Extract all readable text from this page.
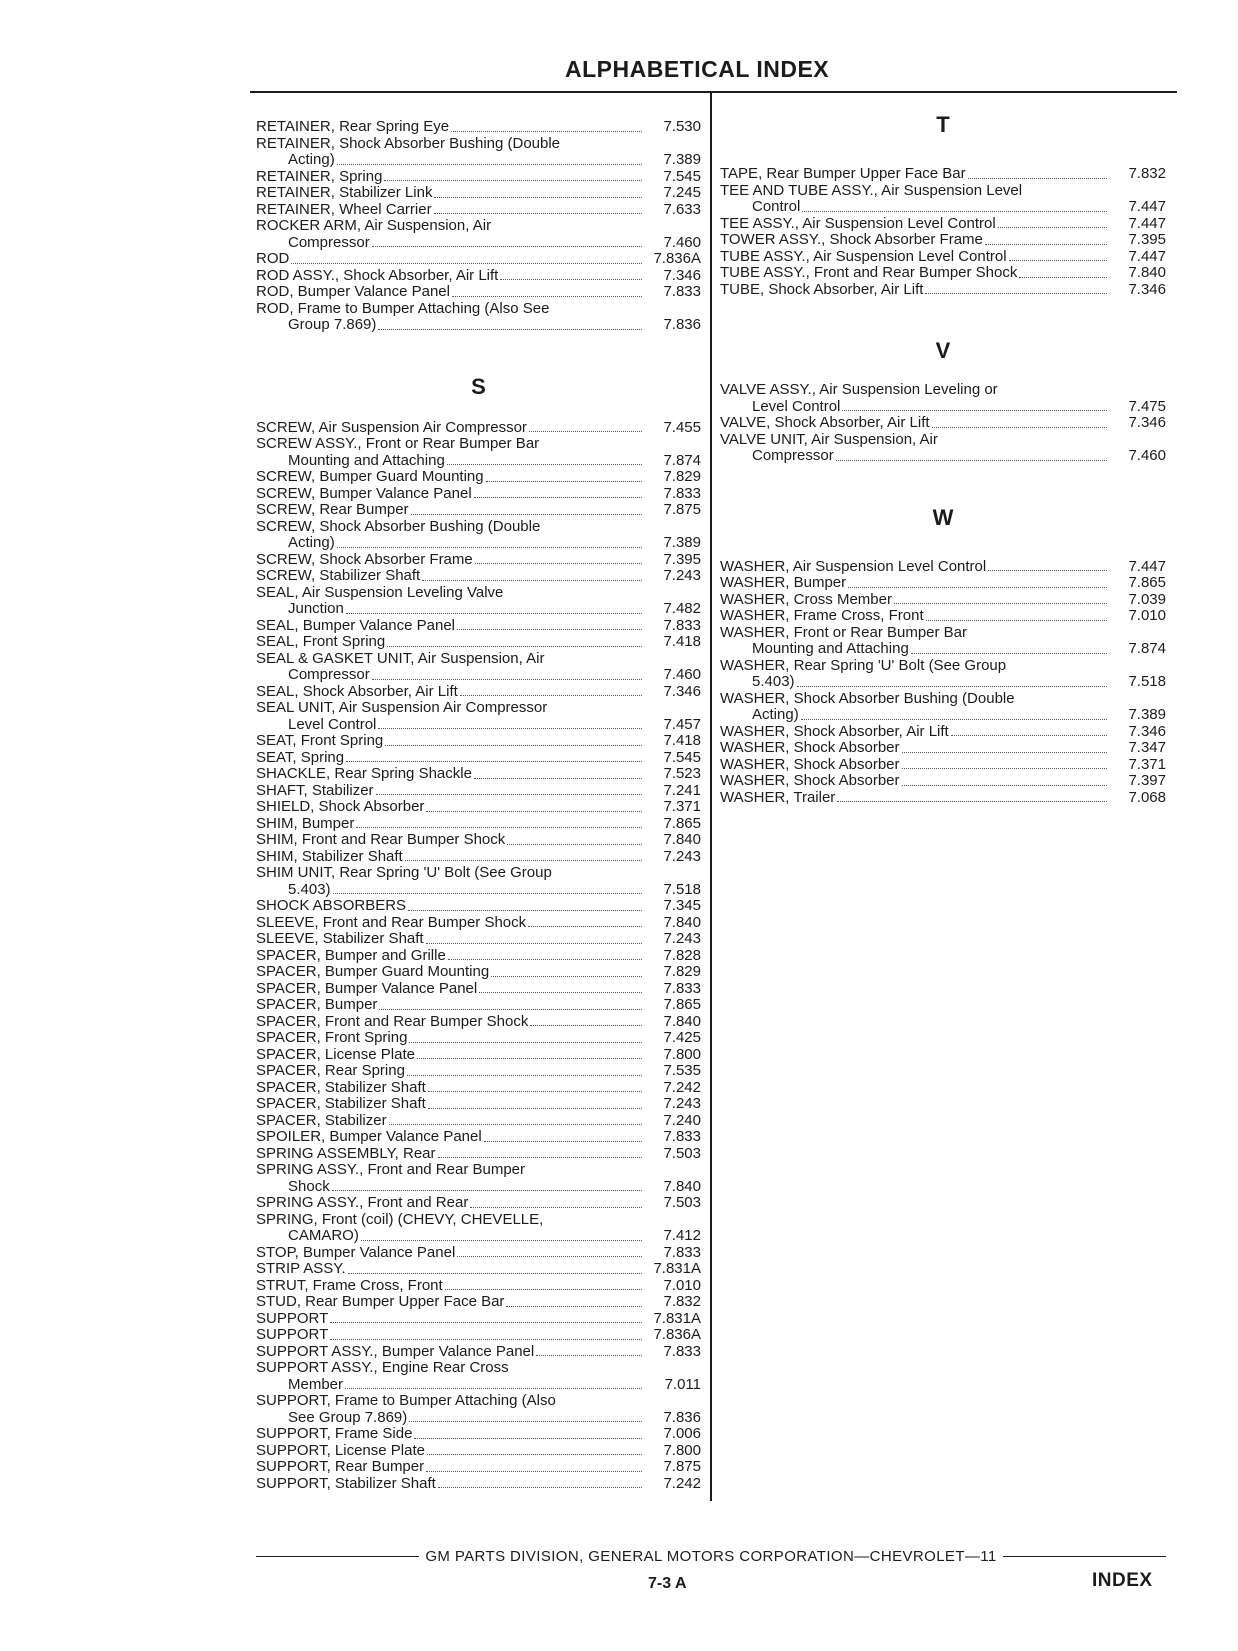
ALPHABETICAL INDEX
RETAINER, Rear Spring Eye	7.530
RETAINER, Shock Absorber Bushing (Double
Acting)	7.389
RETAINER, Spring	7.545
RETAINER, Stabilizer Link	7.245
RETAINER, Wheel Carrier	7.633
ROCKER ARM, Air Suspension, Air
Compressor	7.460
ROD	7.836A
ROD ASSY., Shock Absorber, Air Lift	7.346
ROD, Bumper Valance Panel	7.833
ROD, Frame to Bumper Attaching (Also See
Group 7.869)	7.836
S
SCREW, Air Suspension Air Compressor	7.455
SCREW ASSY., Front or Rear Bumper Bar
Mounting and Attaching	7.874
SCREW, Bumper Guard Mounting	7.829
SCREW, Bumper Valance Panel	7.833
SCREW, Rear Bumper	7.875
SCREW, Shock Absorber Bushing (Double
Acting)	7.389
SCREW, Shock Absorber Frame	7.395
SCREW, Stabilizer Shaft	7.243
SEAL, Air Suspension Leveling Valve
Junction	7.482
SEAL, Bumper Valance Panel	7.833
SEAL, Front Spring	7.418
SEAL & GASKET UNIT, Air Suspension, Air
Compressor	7.460
SEAL, Shock Absorber, Air Lift	7.346
SEAL UNIT, Air Suspension Air Compressor
Level Control	7.457
SEAT, Front Spring	7.418
SEAT, Spring	7.545
SHACKLE, Rear Spring Shackle	7.523
SHAFT, Stabilizer	7.241
SHIELD, Shock Absorber	7.371
SHIM, Bumper	7.865
SHIM, Front and Rear Bumper Shock	7.840
SHIM, Stabilizer Shaft	7.243
SHIM UNIT, Rear Spring 'U' Bolt (See Group
5.403)	7.518
SHOCK ABSORBERS	7.345
SLEEVE, Front and Rear Bumper Shock	7.840
SLEEVE, Stabilizer Shaft	7.243
SPACER, Bumper and Grille	7.828
SPACER, Bumper Guard Mounting	7.829
SPACER, Bumper Valance Panel	7.833
SPACER, Bumper	7.865
SPACER, Front and Rear Bumper Shock	7.840
SPACER, Front Spring	7.425
SPACER, License Plate	7.800
SPACER, Rear Spring	7.535
SPACER, Stabilizer Shaft	7.242
SPACER, Stabilizer Shaft	7.243
SPACER, Stabilizer	7.240
SPOILER, Bumper Valance Panel	7.833
SPRING ASSEMBLY, Rear	7.503
SPRING ASSY., Front and Rear Bumper
Shock	7.840
SPRING ASSY., Front and Rear	7.503
SPRING, Front (coil) (CHEVY, CHEVELLE,
CAMARO)	7.412
STOP, Bumper Valance Panel	7.833
STRIP ASSY.	7.831A
STRUT, Frame Cross, Front	7.010
STUD, Rear Bumper Upper Face Bar	7.832
SUPPORT	7.831A
SUPPORT	7.836A
SUPPORT ASSY., Bumper Valance Panel	7.833
SUPPORT ASSY., Engine Rear Cross
Member	7.011
SUPPORT, Frame to Bumper Attaching (Also
See Group 7.869)	7.836
SUPPORT, Frame Side	7.006
SUPPORT, License Plate	7.800
SUPPORT, Rear Bumper	7.875
SUPPORT, Stabilizer Shaft	7.242
T
TAPE, Rear Bumper Upper Face Bar	7.832
TEE AND TUBE ASSY., Air Suspension Level
Control	7.447
TEE ASSY., Air Suspension Level Control	7.447
TOWER ASSY., Shock Absorber Frame	7.395
TUBE ASSY., Air Suspension Level Control	7.447
TUBE ASSY., Front and Rear Bumper Shock	7.840
TUBE, Shock Absorber, Air Lift	7.346
V
VALVE ASSY., Air Suspension Leveling or
Level Control	7.475
VALVE, Shock Absorber, Air Lift	7.346
VALVE UNIT, Air Suspension, Air
Compressor	7.460
W
WASHER, Air Suspension Level Control	7.447
WASHER, Bumper	7.865
WASHER, Cross Member	7.039
WASHER, Frame Cross, Front	7.010
WASHER, Front or Rear Bumper Bar
Mounting and Attaching	7.874
WASHER, Rear Spring 'U' Bolt (See Group
5.403)	7.518
WASHER, Shock Absorber Bushing (Double
Acting)	7.389
WASHER, Shock Absorber, Air Lift	7.346
WASHER, Shock Absorber	7.347
WASHER, Shock Absorber	7.371
WASHER, Shock Absorber	7.397
WASHER, Trailer	7.068
GM PARTS DIVISION, GENERAL MOTORS CORPORATION—CHEVROLET—11
7-3 A	INDEX
